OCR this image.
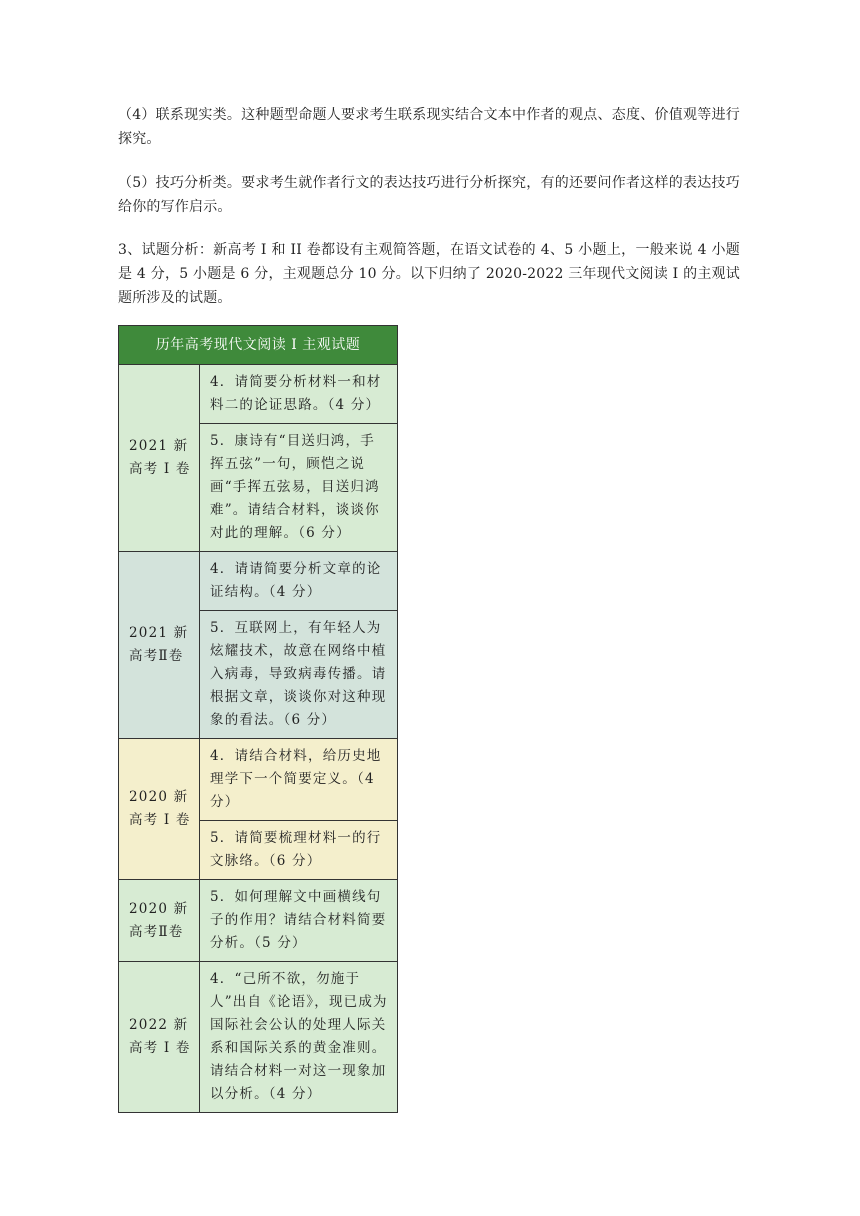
（4）联系现实类。这种题型命题人要求考生联系现实结合文本中作者的观点、态度、价值观等进行探究。
（5）技巧分析类。要求考生就作者行文的表达技巧进行分析探究，有的还要问作者这样的表达技巧给你的写作启示。
3、试题分析：新高考 I 和 II 卷都设有主观简答题，在语文试卷的 4、5 小题上，一般来说 4 小题是 4 分，5 小题是 6 分，主观题总分 10 分。以下归纳了 2020-2022 三年现代文阅读 I 的主观试题所涉及的试题。
历年高考现代文阅读 I 主观试题	
2021 新高考 I 卷	4．请简要分析材料一和材料二的论证思路。（4 分）
	5．康诗有“目送归鸿，手挥五弦”一句，顾恺之说画“手挥五弦易，目送归鸿难”。请结合材料，谈谈你对此的理解。（6 分）
2021 新高考Ⅱ卷	4．请请简要分析文章的论证结构。（4 分）
	5．互联网上，有年轻人为炫耀技术，故意在网络中植入病毒，导致病毒传播。请根据文章，谈谈你对这种现象的看法。（6 分）
2020 新高考 I 卷	4．请结合材料，给历史地理学下一个简要定义。（4 分）
	5．请简要梳理材料一的行文脉络。（6 分）
2020 新高考Ⅱ卷	5．如何理解文中画横线句子的作用？请结合材料简要分析。（5 分）
2022 新高考 I 卷	4．“己所不欲，勿施于人”出自《论语》，现已成为国际社会公认的处理人际关系和国际关系的黄金准则。请结合材料一对这一现象加以分析。（4 分）
